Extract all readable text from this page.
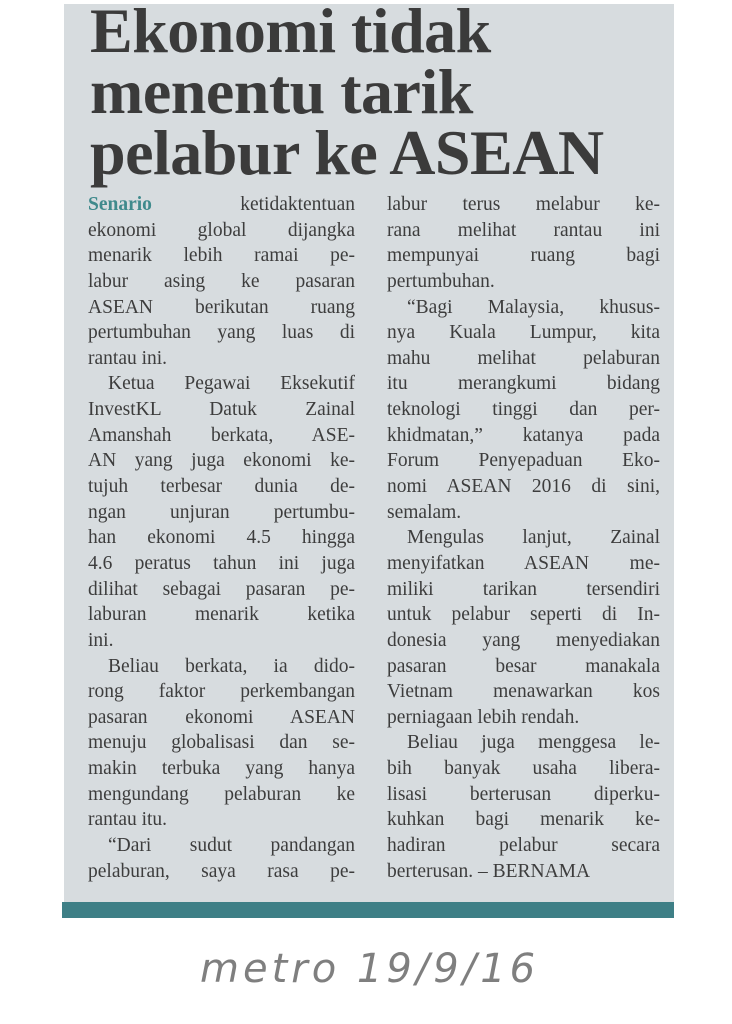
Ekonomi tidak
menentu tarik
pelabur ke ASEAN
Senario	ketidaktentuan
ekonomi global dijangka
menarik lebih ramai pe-
labur asing ke pasaran
ASEAN berikutan ruang
pertumbuhan yang luas di
rantau ini.
Ketua Pegawai Eksekutif
InvestKL Datuk Zainal
Amanshah berkata, ASE-
AN yang juga ekonomi ke-
tujuh terbesar dunia de-
ngan unjuran pertumbu-
han ekonomi 4.5 hingga
4.6 peratus tahun ini juga
dilihat sebagai pasaran pe-
laburan menarik ketika
ini.
Beliau berkata, ia dido-
rong faktor perkembangan
pasaran ekonomi ASEAN
menuju globalisasi dan se-
makin terbuka yang hanya
mengundang pelaburan ke
rantau itu.
“Dari sudut pandangan
pelaburan, saya rasa pe-
labur terus melabur ke-
rana melihat rantau ini
mempunyai ruang bagi
pertumbuhan.
“Bagi Malaysia, khusus-
nya Kuala Lumpur, kita
mahu melihat pelaburan
itu merangkumi bidang
teknologi tinggi dan per-
khidmatan,” katanya pada
Forum Penyepaduan Eko-
nomi ASEAN 2016 di sini,
semalam.
Mengulas lanjut, Zainal
menyifatkan ASEAN me-
miliki tarikan tersendiri
untuk pelabur seperti di In-
donesia yang menyediakan
pasaran besar manakala
Vietnam menawarkan kos
perniagaan lebih rendah.
Beliau juga menggesa le-
bih banyak usaha libera-
lisasi berterusan diperku-
kuhkan bagi menarik ke-
hadiran pelabur secara
berterusan. – BERNAMA
metro 19/9/16
